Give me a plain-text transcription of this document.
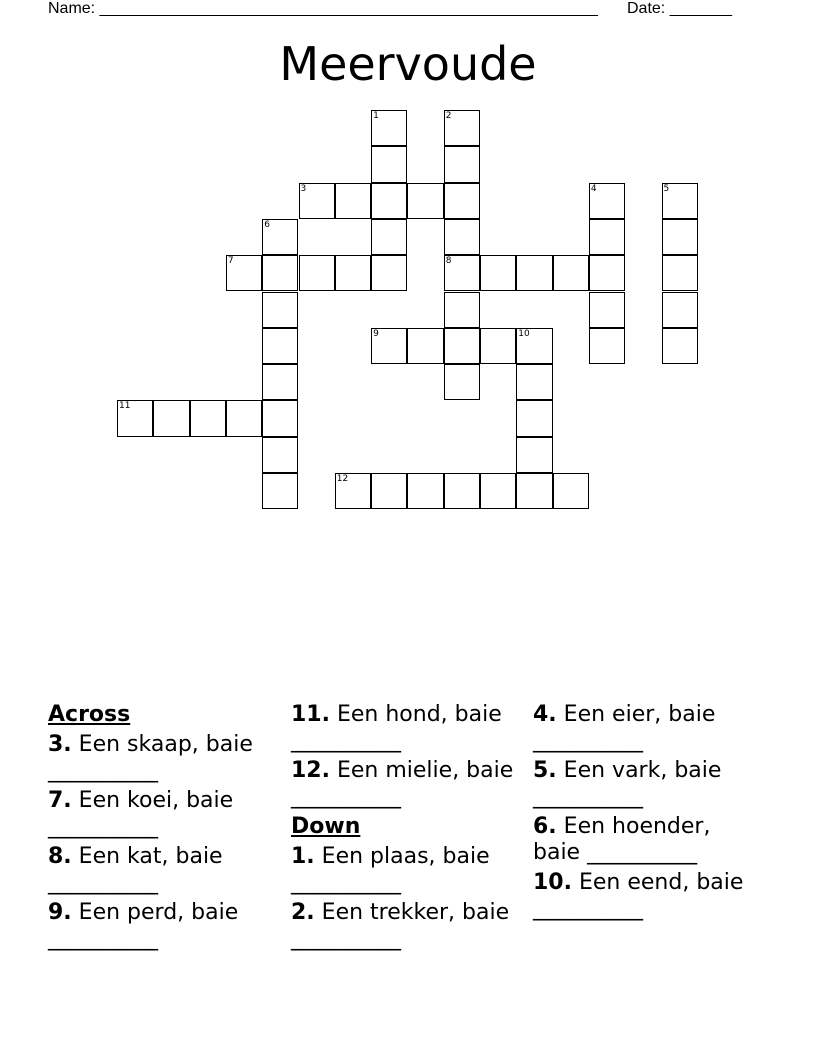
Name: ________________________________________________________ Date: _______
Meervoude
1	2
8
3	4	5
6
7
9	10
11
12
Across
3. Een skaap, baie __________
7. Een koei, baie __________
8. Een kat, baie __________
9. Een perd, baie __________
11. Een hond, baie __________
12. Een mielie, baie __________
Down
1. Een plaas, baie __________
2. Een trekker, baie __________
4. Een eier, baie __________
5. Een vark, baie __________
6. Een hoender, baie __________
10. Een eend, baie __________
